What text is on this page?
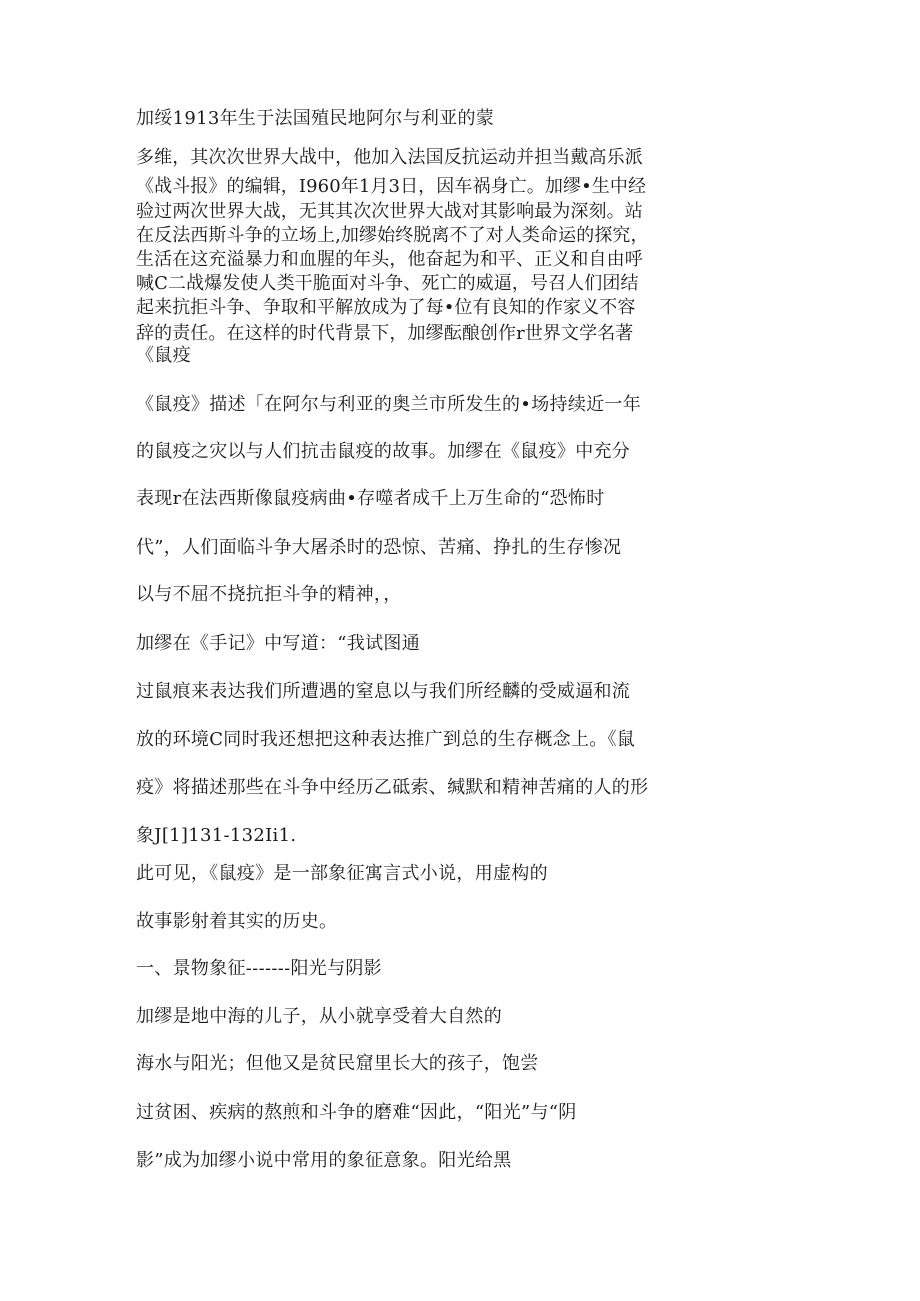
加绥1913年生于法国殖民地阿尔与利亚的蒙

多维，其次次世界大战中，他加入法国反抗运动并担当戴高乐派

《战斗报》的编辑，I960年1月3日，因车祸身亡。加缪•生中经

验过两次世界大战，无其其次次世界大战对其影响最为深刻。站

在反法西斯斗争的立场上,加缪始终脱离不了对人类命运的探究，

生活在这充溢暴力和血腥的年头，他奋起为和平、正义和自由呼

喊C二战爆发使人类干脆面对斗争、死亡的威逼，号召人们团结

起来抗拒斗争、争取和平解放成为了每•位有良知的作家义不容

辞的责任。在这样的时代背景下，加缪酝酿创作r世界文学名著

《鼠疫

《鼠疫》描述「在阿尔与利亚的奥兰市所发生的•场持续近一年

的鼠疫之灾以与人们抗击鼠疫的故事。加缪在《鼠疫》中充分

表现r在法西斯像鼠疫病曲•存噬者成千上万生命的“恐怖时

代”，人们面临斗争大屠杀时的恐惊、苦痛、挣扎的生存惨况

以与不屈不挠抗拒斗争的精神，，

加缪在《手记》中写道：“我试图通

过鼠痕来表达我们所遭遇的窒息以与我们所经麟的受威逼和流

放的环境C同时我还想把这种表达推广到总的生存概念上。《鼠

疫》将描述那些在斗争中经历乙砥索、缄默和精神苦痛的人的形

象J[1]131-132Ii1.

此可见，《鼠疫》是一部象征寓言式小说，用虚构的

故事影射着其实的历史。

一、景物象征-------阳光与阴影

加缪是地中海的儿子，从小就享受着大自然的

海水与阳光；但他又是贫民窟里长大的孩子，饱尝

过贫困、疾病的熬煎和斗争的磨难“因此，“阳光”与“阴

影”成为加缪小说中常用的象征意象。阳光给黑
